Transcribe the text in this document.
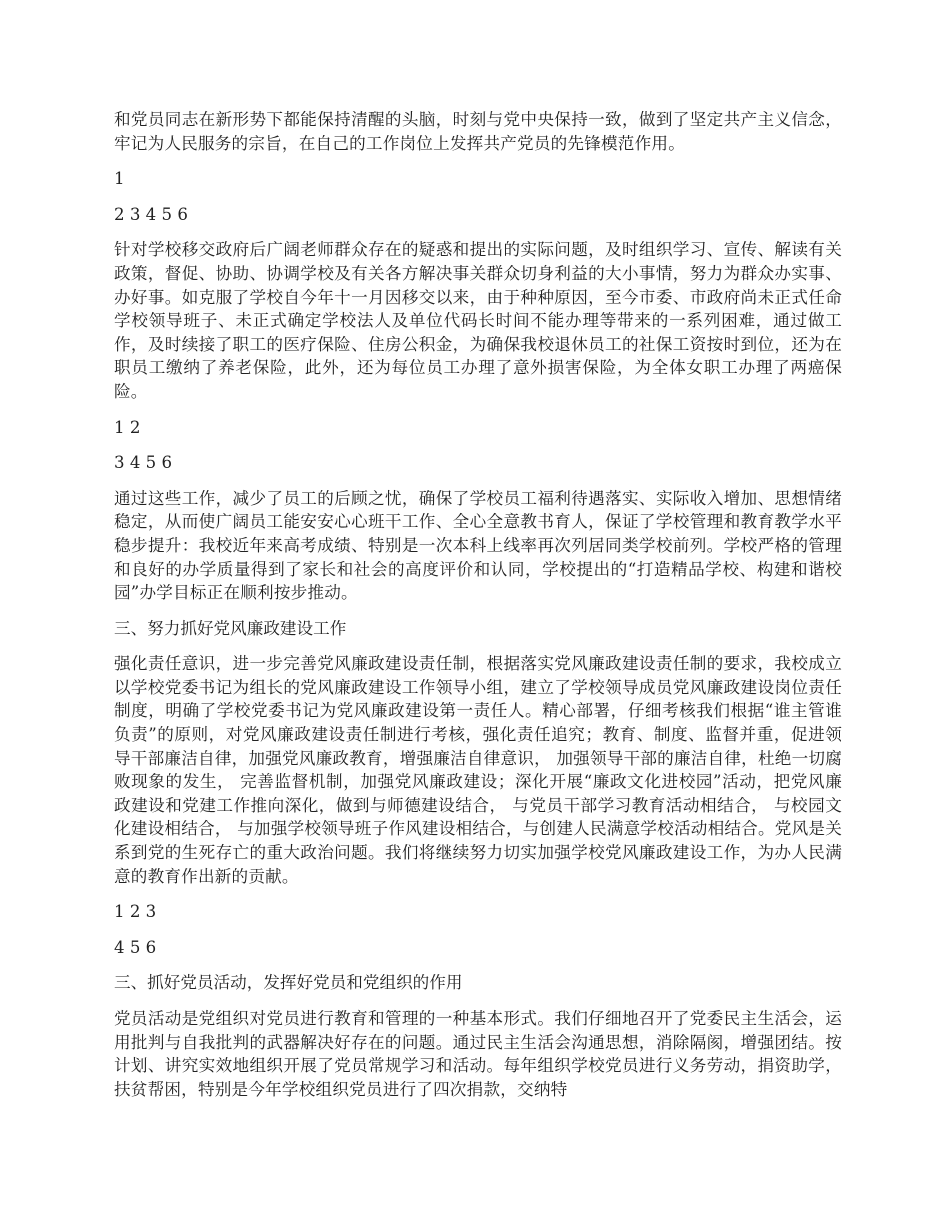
和党员同志在新形势下都能保持清醒的头脑，时刻与党中央保持一致，做到了坚定共产主义信念，牢记为人民服务的宗旨，在自己的工作岗位上发挥共产党员的先锋模范作用。

1

2 3 4 5 6

针对学校移交政府后广阔老师群众存在的疑惑和提出的实际问题，及时组织学习、宣传、解读有关政策，督促、协助、协调学校及有关各方解决事关群众切身利益的大小事情，努力为群众办实事、办好事。如克服了学校自今年十一月因移交以来，由于种种原因，至今市委、市政府尚未正式任命学校领导班子、未正式确定学校法人及单位代码长时间不能办理等带来的一系列困难，通过做工作，及时续接了职工的医疗保险、住房公积金，为确保我校退休员工的社保工资按时到位，还为在职员工缴纳了养老保险，此外，还为每位员工办理了意外损害保险，为全体女职工办理了两癌保险。

1 2

3 4 5 6

通过这些工作，减少了员工的后顾之忧，确保了学校员工福利待遇落实、实际收入增加、思想情绪稳定，从而使广阔员工能安安心心班干工作、全心全意教书育人，保证了学校管理和教育教学水平稳步提升：我校近年来高考成绩、特别是一次本科上线率再次列居同类学校前列。学校严格的管理和良好的办学质量得到了家长和社会的高度评价和认同，学校提出的“打造精品学校、构建和谐校园”办学目标正在顺利按步推动。

三、努力抓好党风廉政建设工作

强化责任意识，进一步完善党风廉政建设责任制，根据落实党风廉政建设责任制的要求，我校成立以学校党委书记为组长的党风廉政建设工作领导小组，建立了学校领导成员党风廉政建设岗位责任制度，明确了学校党委书记为党风廉政建设第一责任人。精心部署，仔细考核我们根据“谁主管谁负责”的原则，对党风廉政建设责任制进行考核，强化责任追究；教育、制度、监督并重，促进领导干部廉洁自律，加强党风廉政教育，增强廉洁自律意识， 加强领导干部的廉洁自律，杜绝一切腐败现象的发生， 完善监督机制，加强党风廉政建设；深化开展“廉政文化进校园”活动，把党风廉政建设和党建工作推向深化，做到与师德建设结合， 与党员干部学习教育活动相结合， 与校园文化建设相结合， 与加强学校领导班子作风建设相结合，与创建人民满意学校活动相结合。党风是关系到党的生死存亡的重大政治问题。我们将继续努力切实加强学校党风廉政建设工作，为办人民满意的教育作出新的贡献。

1 2 3

4 5 6

三、抓好党员活动，发挥好党员和党组织的作用

党员活动是党组织对党员进行教育和管理的一种基本形式。我们仔细地召开了党委民主生活会，运用批判与自我批判的武器解决好存在的问题。通过民主生活会沟通思想，消除隔阂，增强团结。按计划、讲究实效地组织开展了党员常规学习和活动。每年组织学校党员进行义务劳动，捐资助学，扶贫帮困，特别是今年学校组织党员进行了四次捐款，交纳特
